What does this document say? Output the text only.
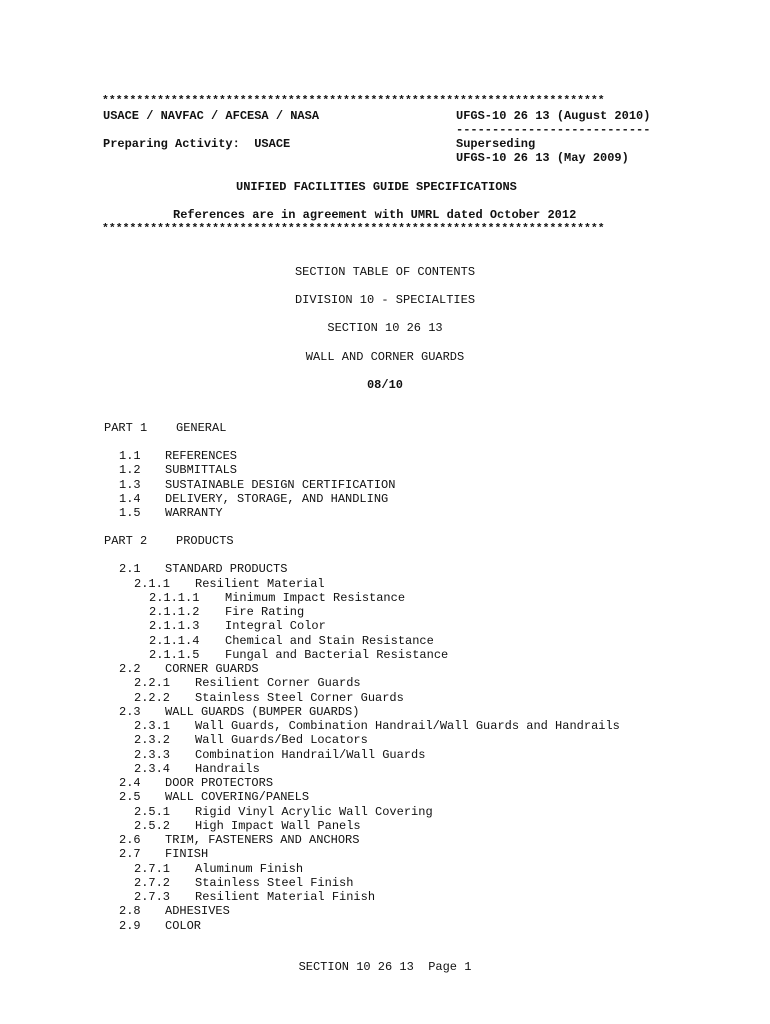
*************************************************************************
USACE / NAVFAC / AFCESA / NASA	UFGS-10 26 13 (August 2010)
---------------------------
Preparing Activity: USACE	Superseding
UFGS-10 26 13 (May 2009)
UNIFIED FACILITIES GUIDE SPECIFICATIONS
References are in agreement with UMRL dated October 2012
*************************************************************************
SECTION TABLE OF CONTENTS
DIVISION 10 - SPECIALTIES
SECTION 10 26 13
WALL AND CORNER GUARDS
08/10
PART 1 GENERAL
1.1 REFERENCES
1.2 SUBMITTALS
1.3 SUSTAINABLE DESIGN CERTIFICATION
1.4 DELIVERY, STORAGE, AND HANDLING
1.5 WARRANTY
PART 2 PRODUCTS
2.1 STANDARD PRODUCTS
2.1.1 Resilient Material
2.1.1.1 Minimum Impact Resistance
2.1.1.2 Fire Rating
2.1.1.3 Integral Color
2.1.1.4 Chemical and Stain Resistance
2.1.1.5 Fungal and Bacterial Resistance
2.2 CORNER GUARDS
2.2.1 Resilient Corner Guards
2.2.2 Stainless Steel Corner Guards
2.3 WALL GUARDS (BUMPER GUARDS)
2.3.1 Wall Guards, Combination Handrail/Wall Guards and Handrails
2.3.2 Wall Guards/Bed Locators
2.3.3 Combination Handrail/Wall Guards
2.3.4 Handrails
2.4 DOOR PROTECTORS
2.5 WALL COVERING/PANELS
2.5.1 Rigid Vinyl Acrylic Wall Covering
2.5.2 High Impact Wall Panels
2.6 TRIM, FASTENERS AND ANCHORS
2.7 FINISH
2.7.1 Aluminum Finish
2.7.2 Stainless Steel Finish
2.7.3 Resilient Material Finish
2.8 ADHESIVES
2.9 COLOR
SECTION 10 26 13  Page 1
